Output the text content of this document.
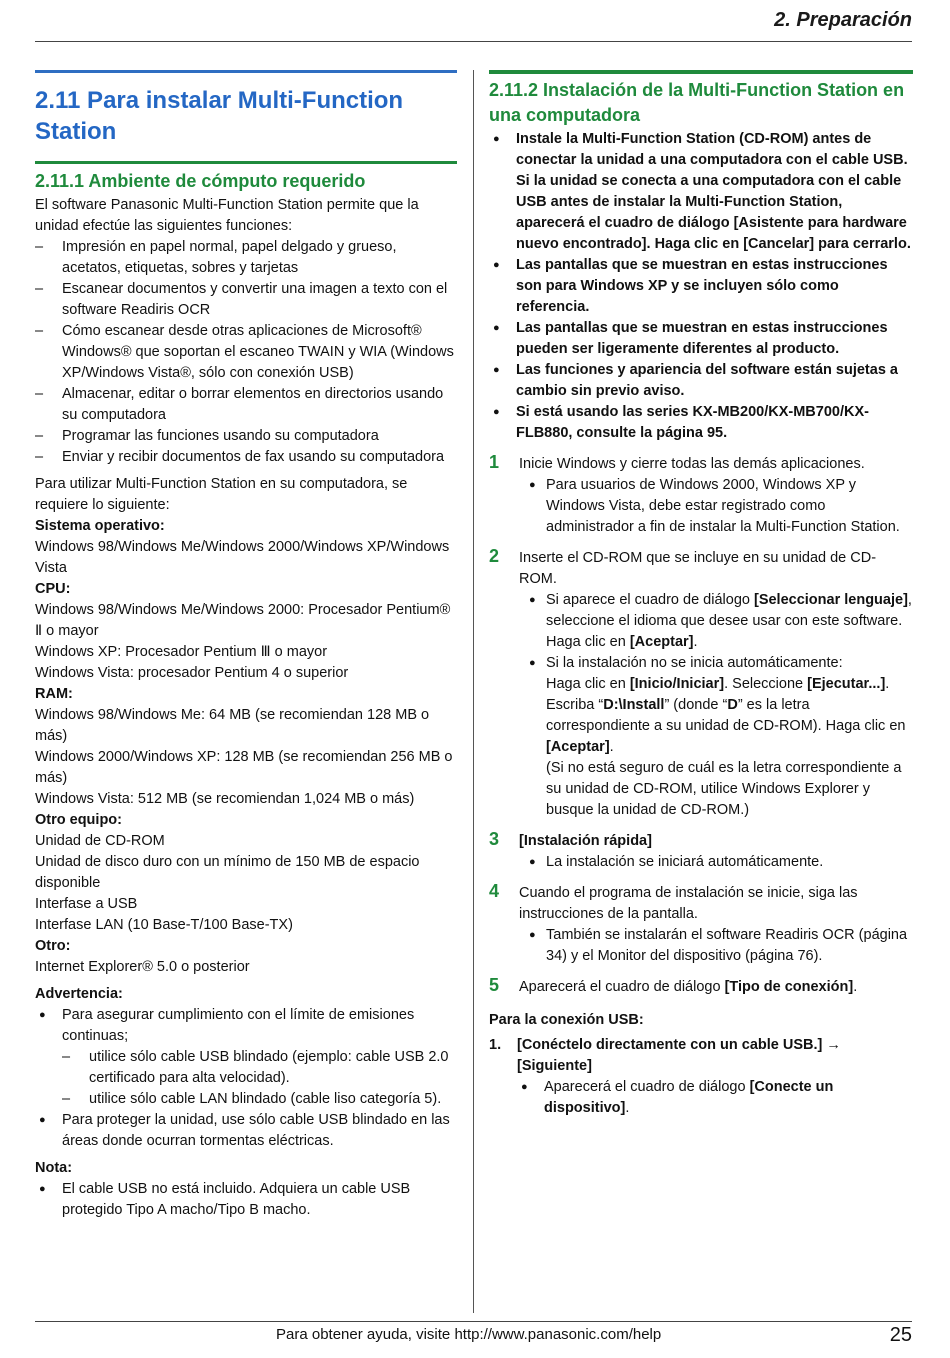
2. Preparación
2.11 Para instalar Multi-Function
Station
2.11.1 Ambiente de cómputo requerido

El software Panasonic Multi-Function Station permite que la unidad efectúe las siguientes funciones:

– Impresión en papel normal, papel delgado y grueso, acetatos, etiquetas, sobres y tarjetas
– Escanear documentos y convertir una imagen a texto con el software Readiris OCR
– Cómo escanear desde otras aplicaciones de Microsoft® Windows® que soportan el escaneo TWAIN y WIA (Windows XP/Windows Vista®, sólo con conexión USB)
– Almacenar, editar o borrar elementos en directorios usando su computadora
– Programar las funciones usando su computadora
– Enviar y recibir documentos de fax usando su computadora

Para utilizar Multi-Function Station en su computadora, se requiere lo siguiente:

Sistema operativo:

Windows 98/Windows Me/Windows 2000/Windows XP/Windows Vista

CPU:

Windows 98/Windows Me/Windows 2000: Procesador Pentium® Ⅱ o mayor

Windows XP: Procesador Pentium Ⅲ o mayor

Windows Vista: procesador Pentium 4 o superior

RAM:

Windows 98/Windows Me: 64 MB (se recomiendan 128 MB o más)

Windows 2000/Windows XP: 128 MB (se recomiendan 256 MB o más)

Windows Vista: 512 MB (se recomiendan 1,024 MB o más)

Otro equipo:

Unidad de CD-ROM

Unidad de disco duro con un mínimo de 150 MB de espacio disponible

Interfase a USB

Interfase LAN (10 Base-T/100 Base-TX)

Otro:

Internet Explorer® 5.0 o posterior

Advertencia:

● Para asegurar cumplimiento con el límite de emisiones continuas;
– utilice sólo cable USB blindado (ejemplo: cable USB 2.0 certificado para alta velocidad).
– utilice sólo cable LAN blindado (cable liso categoría 5).
● Para proteger la unidad, use sólo cable USB blindado en las áreas donde ocurran tormentas eléctricas.

Nota:

● El cable USB no está incluido. Adquiera un cable USB protegido Tipo A macho/Tipo B macho.
2.11.2 Instalación de la Multi-Function Station en
una computadora
● Instale la Multi-Function Station (CD-ROM) antes de conectar la unidad a una computadora con el cable USB. Si la unidad se conecta a una computadora con el cable USB antes de instalar la Multi-Function Station, aparecerá el cuadro de diálogo [Asistente para hardware nuevo encontrado]. Haga clic en [Cancelar] para cerrarlo.
● Las pantallas que se muestran en estas instrucciones son para Windows XP y se incluyen sólo como referencia.
● Las pantallas que se muestran en estas instrucciones pueden ser ligeramente diferentes al producto.
● Las funciones y apariencia del software están sujetas a cambio sin previo aviso.
● Si está usando las series KX-MB200/KX-MB700/KX-FLB880, consulte la página 95.
1 Inicie Windows y cierre todas las demás aplicaciones.

● Para usuarios de Windows 2000, Windows XP y Windows Vista, debe estar registrado como administrador a fin de instalar la Multi-Function Station.
2 Inserte el CD-ROM que se incluye en su unidad de CD-ROM.

● Si aparece el cuadro de diálogo [Seleccionar lenguaje], seleccione el idioma que desee usar con este software. Haga clic en [Aceptar].
● Si la instalación no se inicia automáticamente:
Haga clic en [Inicio/Iniciar]. Seleccione [Ejecutar...]. Escriba “D:\Install” (donde “D” es la letra correspondiente a su unidad de CD-ROM). Haga clic en [Aceptar].
(Si no está seguro de cuál es la letra correspondiente a su unidad de CD-ROM, utilice Windows Explorer y busque la unidad de CD-ROM.)
3 [Instalación rápida]

● La instalación se iniciará automáticamente.
4 Cuando el programa de instalación se inicie, siga las instrucciones de la pantalla.

● También se instalarán el software Readiris OCR (página 34) y el Monitor del dispositivo (página 76).
5 Aparecerá el cuadro de diálogo [Tipo de conexión].

Para la conexión USB:

1. [Conéctelo directamente con un cable USB.] → [Siguiente]

● Aparecerá el cuadro de diálogo [Conecte un dispositivo].
Para obtener ayuda, visite http://www.panasonic.com/help	25
